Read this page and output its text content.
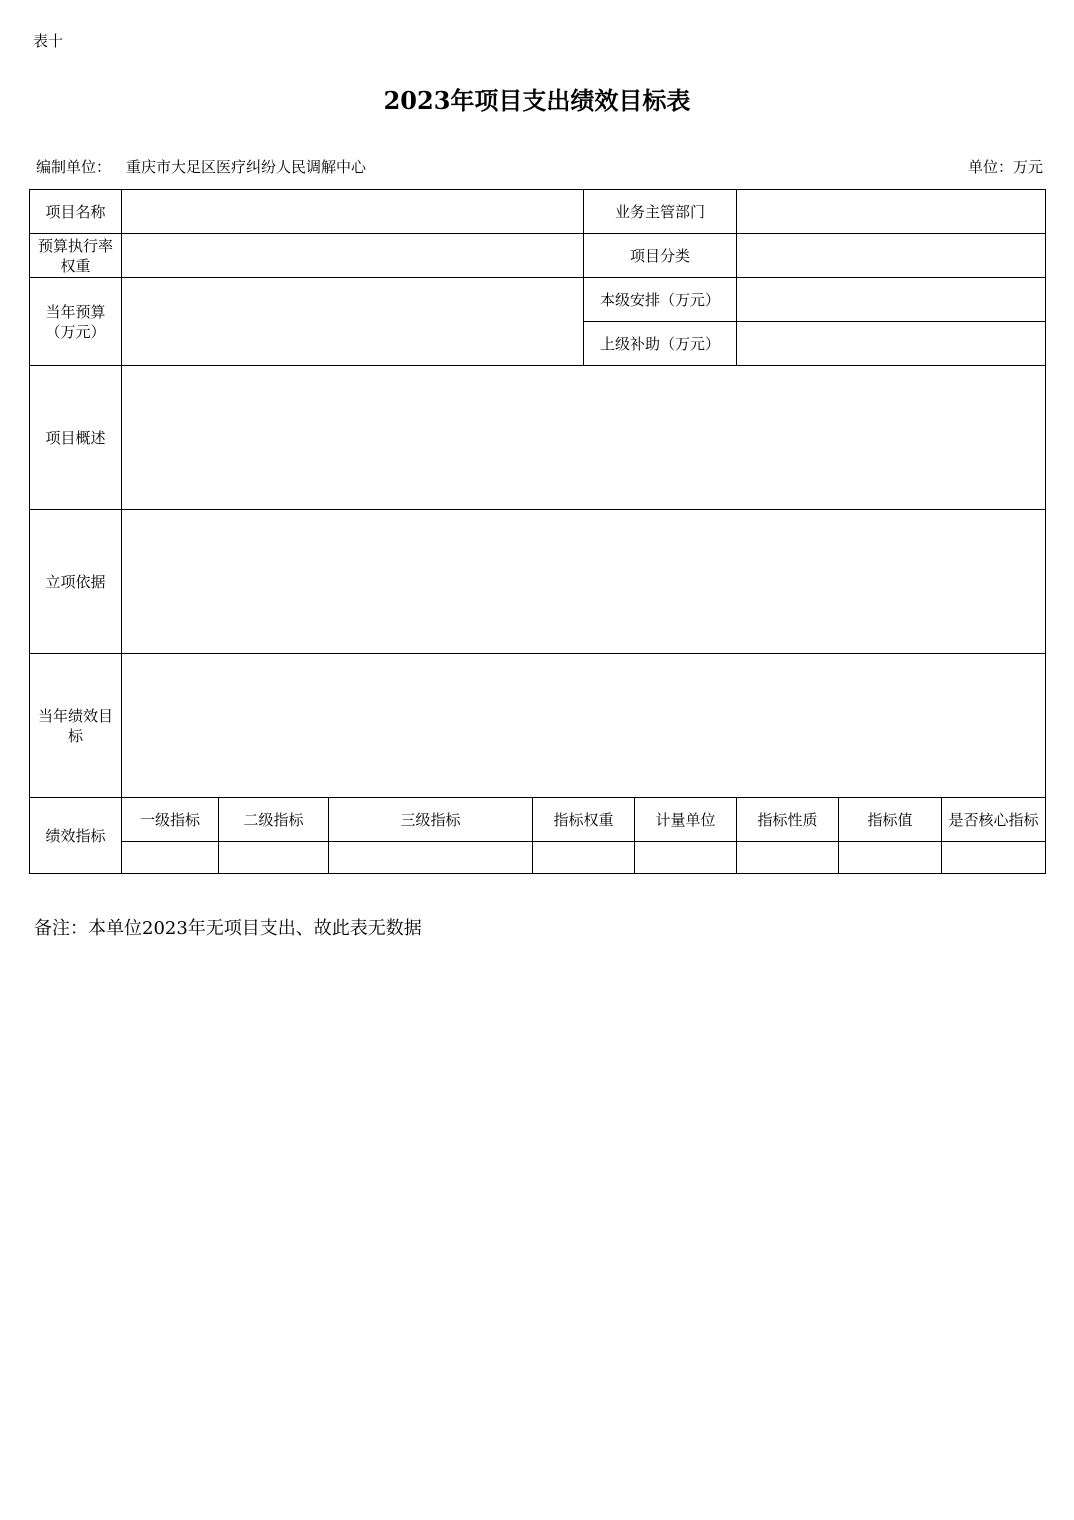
表十
2023年项目支出绩效目标表
编制单位： 重庆市大足区医疗纠纷人民调解中心	单位：万元
项目名称					业务主管部门				
预算执行率权重					项目分类				
当年预算（万元）					本级安排（万元）				
					上级补助（万元）				
项目概述									
立项依据									
当年绩效目标									
绩效指标	一级指标	二级指标	三级指标	指标权重		计量单位	指标性质	指标值	是否核心指标

备注：本单位2023年无项目支出、故此表无数据
